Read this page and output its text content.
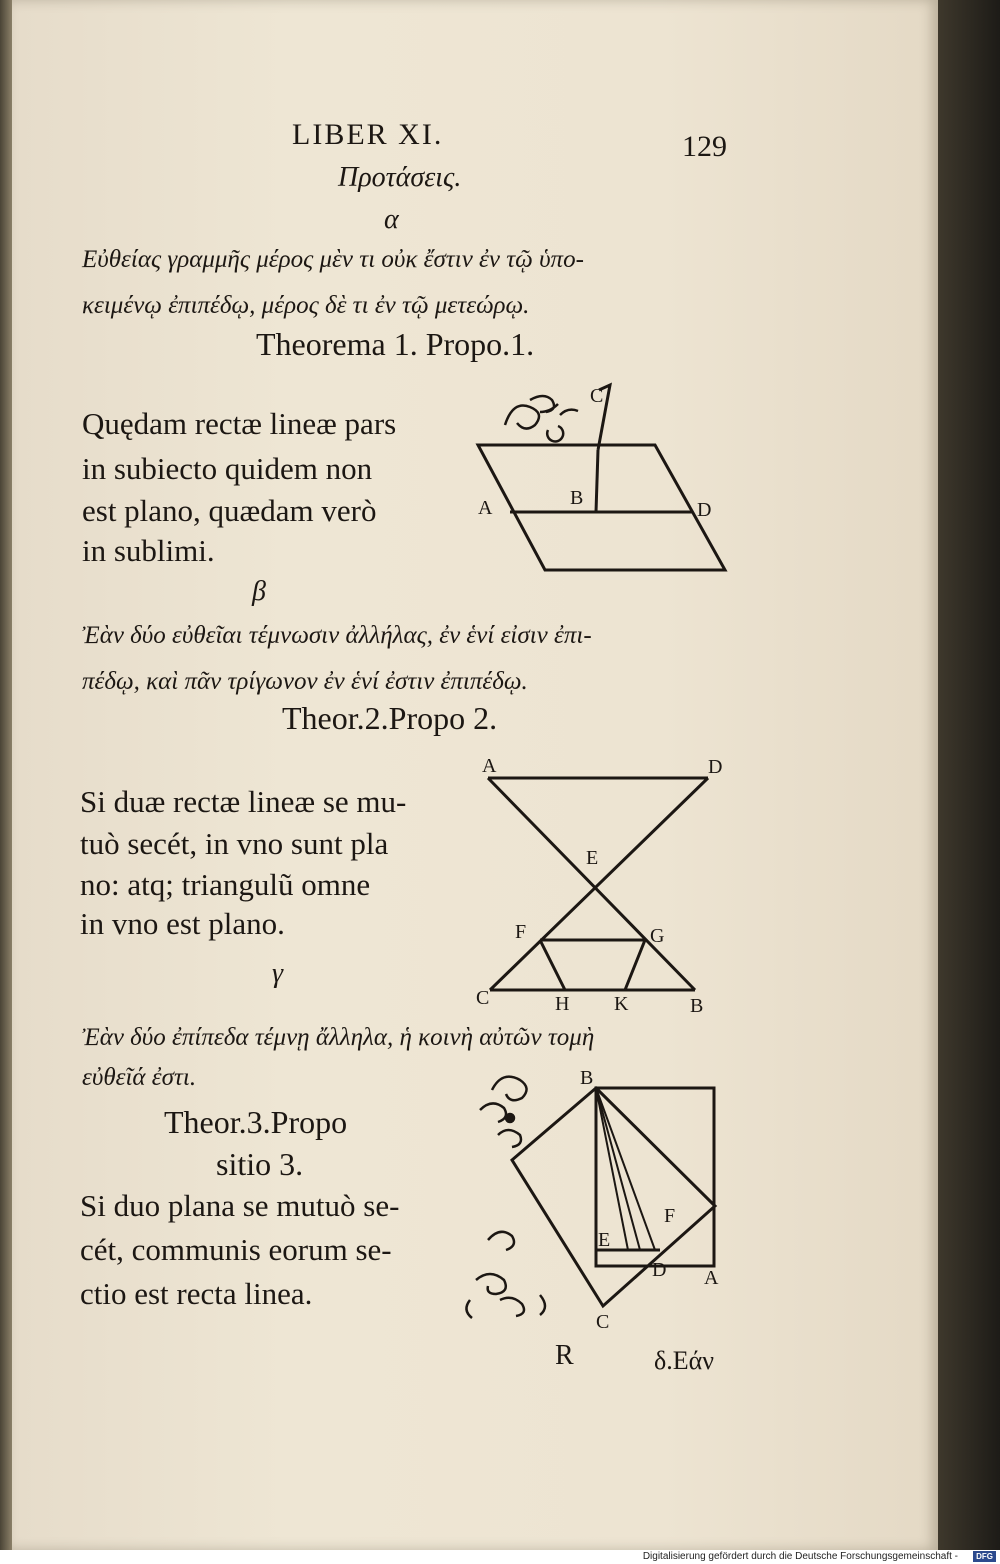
LIBER XI.	129
Προτάσεις.
α
Εὐθείας γραμμῆς μέρος μὲν τι οὐκ ἔστιν ἐν τῷ ὑπο-
κειμένῳ ἐπιπέδῳ, μέρος δὲ τι ἐν τῷ μετεώρῳ.
Theorema 1. Propo.1.
Quędam rectæ lineæ pars
in subiecto quidem non
est plano, quædam verò
in sublimi.
C
A	B
D
β
Ἐὰν δύο εὐθεῖαι τέμνωσιν ἀλλήλας, ἐν ἑνί εἰσιν ἐπι-
πέδῳ, καὶ πᾶν τρίγωνον ἐν ἑνί ἐστιν ἐπιπέδῳ.
Theor.2.Propo 2.
Si duæ rectæ lineæ se mu-
tuò secét, in vno sunt pla
no: atq; triangulũ omne
in vno est plano.
A	D
E
F	G
C	H K	B
γ
Ἐὰν δύο ἐπίπεδα τέμνῃ ἄλληλα, ἡ κοινὴ αὐτῶν τομὴ
εὐθεῖά ἐστι.
Theor.3.Propo
sitio 3.
Si duo plana se mutuò se-
cét, communis eorum se-
ctio est recta linea.
B
F
E
D A
C
R	δ.Εάν
Digitalisierung gefördert durch die Deutsche Forschungsgemeinschaft -	DFG
